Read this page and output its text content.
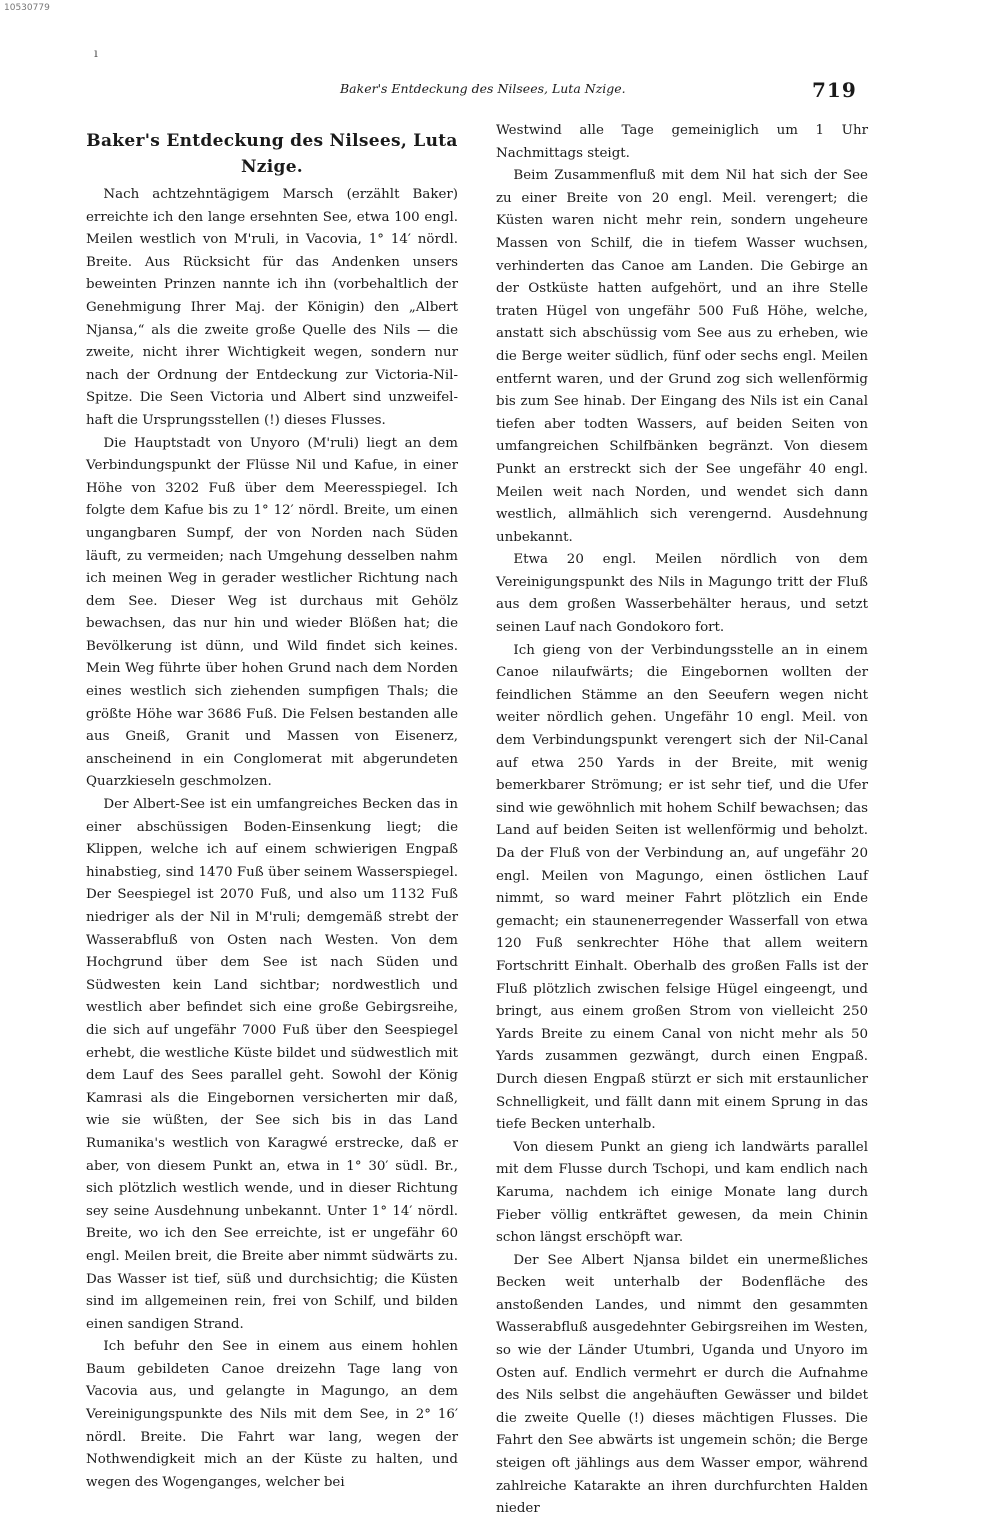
10530779
ı
Baker's Entdeckung des Nilsees, Luta Nzige.	719
Baker's Entdeckung des Nilsees, Luta Nzige.

Nach achtzehntägigem Marsch (erzählt Baker) erreichte ich den lange ersehnten See, etwa 100 engl. Meilen westlich von M'ruli, in Vacovia, 1° 14′ nördl. Breite. Aus Rücksicht für das Andenken unsers beweinten Prinzen nannte ich ihn (vorbehaltlich der Genehmigung Ihrer Maj. der Königin) den „Albert Njansa,“ als die zweite große Quelle des Nils — die zweite, nicht ihrer Wichtigkeit wegen, sondern nur nach der Ordnung der Entdeckung zur Victoria-Nil-Spitze. Die Seen Victoria und Albert sind unzweifelhaft die Ursprungsstellen (!) dieses Flusses.

Die Hauptstadt von Unyoro (M'ruli) liegt an dem Verbindungspunkt der Flüsse Nil und Kafue, in einer Höhe von 3202 Fuß über dem Meeresspiegel. Ich folgte dem Kafue bis zu 1° 12′ nördl. Breite, um einen ungangbaren Sumpf, der von Norden nach Süden läuft, zu vermeiden; nach Umgehung desselben nahm ich meinen Weg in gerader westlicher Richtung nach dem See. Dieser Weg ist durchaus mit Gehölz bewachsen, das nur hin und wieder Blößen hat; die Bevölkerung ist dünn, und Wild findet sich keines. Mein Weg führte über hohen Grund nach dem Norden eines westlich sich ziehenden sumpfigen Thals; die größte Höhe war 3686 Fuß. Die Felsen bestanden alle aus Gneiß, Granit und Massen von Eisenerz, anscheinend in ein Conglomerat mit abgerundeten Quarzkieseln geschmolzen.

Der Albert-See ist ein umfangreiches Becken das in einer abschüssigen Boden-Einsenkung liegt; die Klippen, welche ich auf einem schwierigen Engpaß hinabstieg, sind 1470 Fuß über seinem Wasserspiegel. Der Seespiegel ist 2070 Fuß, und also um 1132 Fuß niedriger als der Nil in M'ruli; demgemäß strebt der Wasserabfluß von Osten nach Westen. Von dem Hochgrund über dem See ist nach Süden und Südwesten kein Land sichtbar; nordwestlich und westlich aber befindet sich eine große Gebirgsreihe, die sich auf ungefähr 7000 Fuß über den Seespiegel erhebt, die westliche Küste bildet und südwestlich mit dem Lauf des Sees parallel geht. Sowohl der König Kamrasi als die Eingebornen versicherten mir daß, wie sie wüßten, der See sich bis in das Land Rumanika's westlich von Karagwé erstrecke, daß er aber, von diesem Punkt an, etwa in 1° 30′ südl. Br., sich plötzlich westlich wende, und in dieser Richtung sey seine Ausdehnung unbekannt. Unter 1° 14′ nördl. Breite, wo ich den See erreichte, ist er ungefähr 60 engl. Meilen breit, die Breite aber nimmt südwärts zu. Das Wasser ist tief, süß und durchsichtig; die Küsten sind im allgemeinen rein, frei von Schilf, und bilden einen sandigen Strand.

Ich befuhr den See in einem aus einem hohlen Baum gebildeten Canoe dreizehn Tage lang von Vacovia aus, und gelangte in Magungo, an dem Vereinigungspunkte des Nils mit dem See, in 2° 16′ nördl. Breite. Die Fahrt war lang, wegen der Nothwendigkeit mich an der Küste zu halten, und wegen des Wogenganges, welcher bei

Westwind alle Tage gemeiniglich um 1 Uhr Nachmittags steigt.

Beim Zusammenfluß mit dem Nil hat sich der See zu einer Breite von 20 engl. Meil. verengert; die Küsten waren nicht mehr rein, sondern ungeheure Massen von Schilf, die in tiefem Wasser wuchsen, verhinderten das Canoe am Landen. Die Gebirge an der Ostküste hatten aufgehört, und an ihre Stelle traten Hügel von ungefähr 500 Fuß Höhe, welche, anstatt sich abschüssig vom See aus zu erheben, wie die Berge weiter südlich, fünf oder sechs engl. Meilen entfernt waren, und der Grund zog sich wellenförmig bis zum See hinab. Der Eingang des Nils ist ein Canal tiefen aber todten Wassers, auf beiden Seiten von umfangreichen Schilfbänken begränzt. Von diesem Punkt an erstreckt sich der See ungefähr 40 engl. Meilen weit nach Norden, und wendet sich dann westlich, allmählich sich verengernd. Ausdehnung unbekannt.

Etwa 20 engl. Meilen nördlich von dem Vereinigungspunkt des Nils in Magungo tritt der Fluß aus dem großen Wasserbehälter heraus, und setzt seinen Lauf nach Gondokoro fort.

Ich gieng von der Verbindungsstelle an in einem Canoe nilaufwärts; die Eingebornen wollten der feindlichen Stämme an den Seeufern wegen nicht weiter nördlich gehen. Ungefähr 10 engl. Meil. von dem Verbindungspunkt verengert sich der Nil-Canal auf etwa 250 Yards in der Breite, mit wenig bemerkbarer Strömung; er ist sehr tief, und die Ufer sind wie gewöhnlich mit hohem Schilf bewachsen; das Land auf beiden Seiten ist wellenförmig und beholzt. Da der Fluß von der Verbindung an, auf ungefähr 20 engl. Meilen von Magungo, einen östlichen Lauf nimmt, so ward meiner Fahrt plötzlich ein Ende gemacht; ein staunenerregender Wasserfall von etwa 120 Fuß senkrechter Höhe that allem weitern Fortschritt Einhalt. Oberhalb des großen Falls ist der Fluß plötzlich zwischen felsige Hügel eingeengt, und bringt, aus einem großen Strom von vielleicht 250 Yards Breite zu einem Canal von nicht mehr als 50 Yards zusammen gezwängt, durch einen Engpaß. Durch diesen Engpaß stürzt er sich mit erstaunlicher Schnelligkeit, und fällt dann mit einem Sprung in das tiefe Becken unterhalb.

Von diesem Punkt an gieng ich landwärts parallel mit dem Flusse durch Tschopi, und kam endlich nach Karuma, nachdem ich einige Monate lang durch Fieber völlig entkräftet gewesen, da mein Chinin schon längst erschöpft war.

Der See Albert Njansa bildet ein unermeßliches Becken weit unterhalb der Bodenfläche des anstoßenden Landes, und nimmt den gesammten Wasserabfluß ausgedehnter Gebirgsreihen im Westen, so wie der Länder Utumbri, Uganda und Unyoro im Osten auf. Endlich vermehrt er durch die Aufnahme des Nils selbst die angehäuften Gewässer und bildet die zweite Quelle (!) dieses mächtigen Flusses. Die Fahrt den See abwärts ist ungemein schön; die Berge steigen oft jählings aus dem Wasser empor, während zahlreiche Katarakte an ihren durchfurchten Halden nieder
